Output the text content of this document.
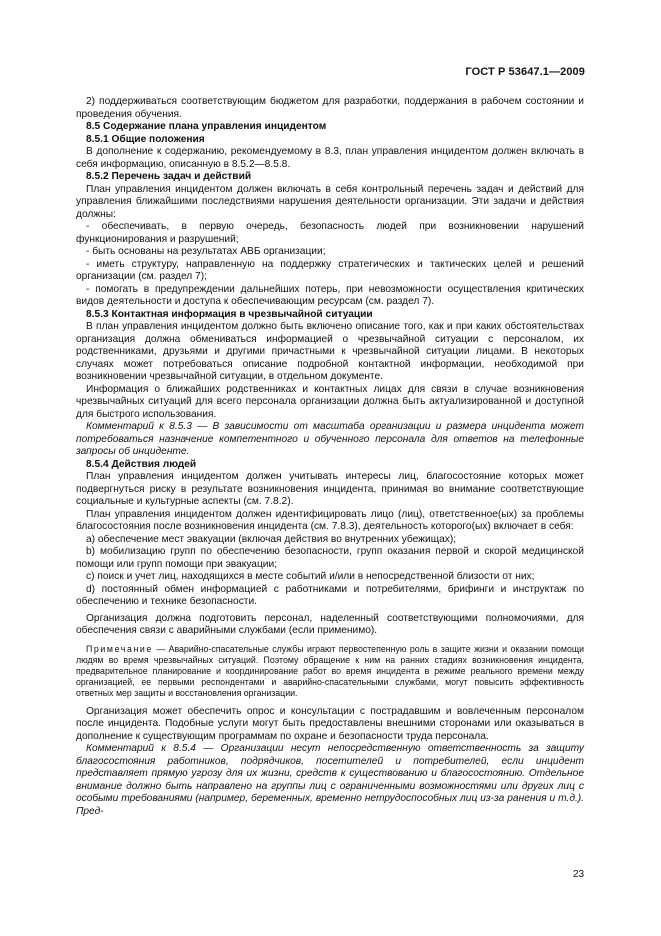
ГОСТ Р 53647.1—2009

2) поддерживаться соответствующим бюджетом для разработки, поддержания в рабочем состоянии и проведения обучения.

8.5 Содержание плана управления инцидентом

8.5.1 Общие положения

В дополнение к содержанию, рекомендуемому в 8.3, план управления инцидентом должен включать в себя информацию, описанную в 8.5.2—8.5.8.

8.5.2 Перечень задач и действий

План управления инцидентом должен включать в себя контрольный перечень задач и действий для управления ближайшими последствиями нарушения деятельности организации. Эти задачи и действия должны:

- обеспечивать, в первую очередь, безопасность людей при возникновении нарушений функционирования и разрушений;

- быть основаны на результатах АВБ организации;

- иметь структуру, направленную на поддержку стратегических и тактических целей и решений организации (см. раздел 7);

- помогать в предупреждении дальнейших потерь, при невозможности осуществления критических видов деятельности и доступа к обеспечивающим ресурсам (см. раздел 7).

8.5.3 Контактная информация в чрезвычайной ситуации

В план управления инцидентом должно быть включено описание того, как и при каких обстоятельствах организация должна обмениваться информацией о чрезвычайной ситуации с персоналом, их родственниками, друзьями и другими причастными к чрезвычайной ситуации лицами. В некоторых случаях может потребоваться описание подробной контактной информации, необходимой при возникновении чрезвычайной ситуации, в отдельном документе.

Информация о ближайших родственниках и контактных лицах для связи в случае возникновения чрезвычайных ситуаций для всего персонала организации должна быть актуализированной и доступной для быстрого использования.

Комментарий к 8.5.3 — В зависимости от масштаба организации и размера инцидента может потребоваться назначение компетентного и обученного персонала для ответов на телефонные запросы об инциденте.

8.5.4 Действия людей

План управления инцидентом должен учитывать интересы лиц, благосостояние которых может подвергнуться риску в результате возникновения инцидента, принимая во внимание соответствующие социальные и культурные аспекты (см. 7.8.2).

План управления инцидентом должен идентифицировать лицо (лиц), ответственное(ых) за проблемы благосостояния после возникновения инцидента (см. 7.8.3), деятельность которого(ых) включает в себя:

а) обеспечение мест эвакуации (включая действия во внутренних убежищах);

b) мобилизацию групп по обеспечению безопасности, групп оказания первой и скорой медицинской помощи или групп помощи при эвакуации;

c) поиск и учет лиц, находящихся в месте событий и/или в непосредственной близости от них;

d) постоянный обмен информацией с работниками и потребителями, брифинги и инструктаж по обеспечению и технике безопасности.

Организация должна подготовить персонал, наделенный соответствующими полномочиями, для обеспечения связи с аварийными службами (если применимо).

Примечание — Аварийно-спасательные службы играют первостепенную роль в защите жизни и оказании помощи людям во время чрезвычайных ситуаций. Поэтому обращение к ним на ранних стадиях возникновения инцидента, предварительное планирование и координирование работ во время инцидента в режиме реального времени между организацией, ее первыми респондентами и аварийно-спасательными службами, могут повысить эффективность ответных мер защиты и восстановления организации.

Организация может обеспечить опрос и консультации с пострадавшим и вовлеченным персоналом после инцидента. Подобные услуги могут быть предоставлены внешними сторонами или оказываться в дополнение к существующим программам по охране и безопасности труда персонала.

Комментарий к 8.5.4 — Организации несут непосредственную ответственность за защиту благосостояния работников, подрядчиков, посетителей и потребителей, если инцидент представляет прямую угрозу для их жизни, средств к существованию и благосостоянию. Отдельное внимание должно быть направлено на группы лиц с ограниченными возможностями или других лиц с особыми требованиями (например, беременных, временно нетрудоспособных лиц из-за ранения и т.д.). Пред-

23
